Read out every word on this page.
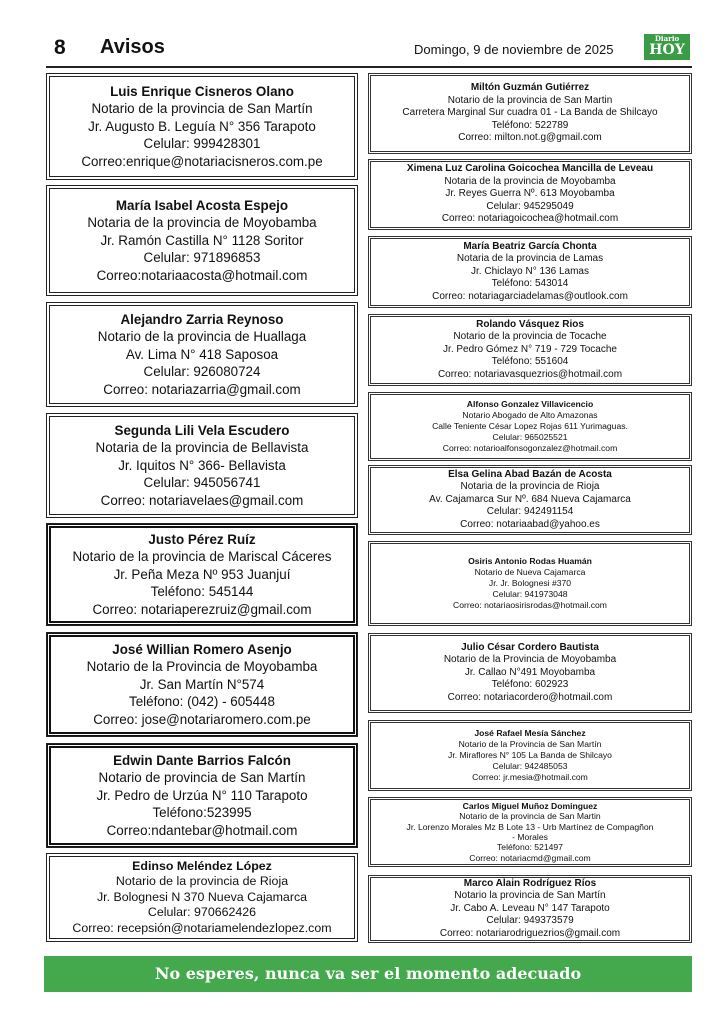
8 Avisos	Domingo, 9 de noviembre de 2025
Diario
HOY
Luis Enrique Cisneros Olano
Notario de la provincia de San Martín
Jr. Augusto B. Leguía N° 356 Tarapoto
Celular: 999428301
Correo:enrique@notariacisneros.com.pe
María Isabel Acosta Espejo
Notaria de la provincia de Moyobamba
Jr. Ramón Castilla N° 1128 Soritor
Celular: 971896853
Correo:notariaacosta@hotmail.com
Alejandro Zarria Reynoso
Notario de la provincia de Huallaga
Av. Lima N° 418 Saposoa
Celular: 926080724
Correo: notariazarria@gmail.com
Segunda Lili Vela Escudero
Notaria de la provincia de Bellavista
Jr. Iquitos N° 366- Bellavista
Celular: 945056741
Correo: notariavelaes@gmail.com
Justo Pérez Ruíz
Notario de la provincia de Mariscal Cáceres
Jr. Peña Meza Nº 953 Juanjuí
Teléfono: 545144
Correo: notariaperezruiz@gmail.com
José Willian Romero Asenjo
Notario de la Provincia de Moyobamba
Jr. San Martín N°574
Teléfono: (042) - 605448
Correo: jose@notariaromero.com.pe
Edwin Dante Barrios Falcón
Notario de provincia de San Martín
Jr. Pedro de Urzúa N° 110 Tarapoto
Teléfono:523995
Correo:ndantebar@hotmail.com
Edinso Meléndez López
Notario de la provincia de Rioja
Jr. Bolognesi N 370 Nueva Cajamarca
Celular: 970662426
Correo: recepsión@notariamelendezlopez.com
Miltón Guzmán Gutiérrez
Notario de la provincia de San Martin
Carretera Marginal Sur cuadra 01 - La Banda de Shilcayo
Teléfono: 522789
Correo: milton.not.g@gmail.com
Ximena Luz Carolina Goicochea Mancilla de Leveau
Notaria de la provincia de Moyobamba
Jr. Reyes Guerra Nº. 613 Moyobamba
Celular: 945295049
Correo: notariagoicochea@hotmail.com
María Beatriz García Chonta
Notaria de la provincia de Lamas
Jr. Chiclayo N° 136 Lamas
Teléfono: 543014
Correo: notariagarciadelamas@outlook.com
Rolando Vásquez Rios
Notario de la provincia de Tocache
Jr. Pedro Gómez N° 719 - 729 Tocache
Teléfono: 551604
Correo: notariavasquezrios@hotmail.com
Alfonso Gonzalez Villavicencio
Notario Abogado de Alto Amazonas
Calle Teniente César Lopez Rojas 611 Yurimaguas.
Celular: 965025521
Correo: notarioalfonsogonzalez@hotmail.com
Elsa Gelina Abad Bazán de Acosta
Notaria de la provincia de Rioja
Av. Cajamarca Sur Nº. 684 Nueva Cajamarca
Celular: 942491154
Correo: notariaabad@yahoo.es
Osiris Antonio Rodas Huamán
Notario de Nueva Cajamarca
Jr. Jr. Bolognesi #370
Celular: 941973048
Correo: notariaosirisrodas@hotmail.com
Julio César Cordero Bautista
Notario de la Provincia de Moyobamba
Jr. Callao N°491 Moyobamba
Teléfono: 602923
Correo: notariacordero@hotmail.com
José Rafael Mesía Sánchez
Notario de la Provincia de San Martín
Jr. Miraflores N° 105 La Banda de Shilcayo
Celular: 942485053
Correo: jr.mesia@hotmail.com
Carlos Miguel Muñoz Dominguez
Notario de la provincia de San Martin
Jr. Lorenzo Morales Mz B Lote 13 - Urb Martínez de Compagñon
- Morales
Teléfono: 521497
Correo: notariacmd@gmail.com
Marco Alain Rodríguez Ríos
Notario la provincia de San Martín
Jr. Cabo A. Leveau N° 147 Tarapoto
Celular: 949373579
Correo: notariarodriguezrios@gmail.com
No esperes, nunca va ser el momento adecuado
